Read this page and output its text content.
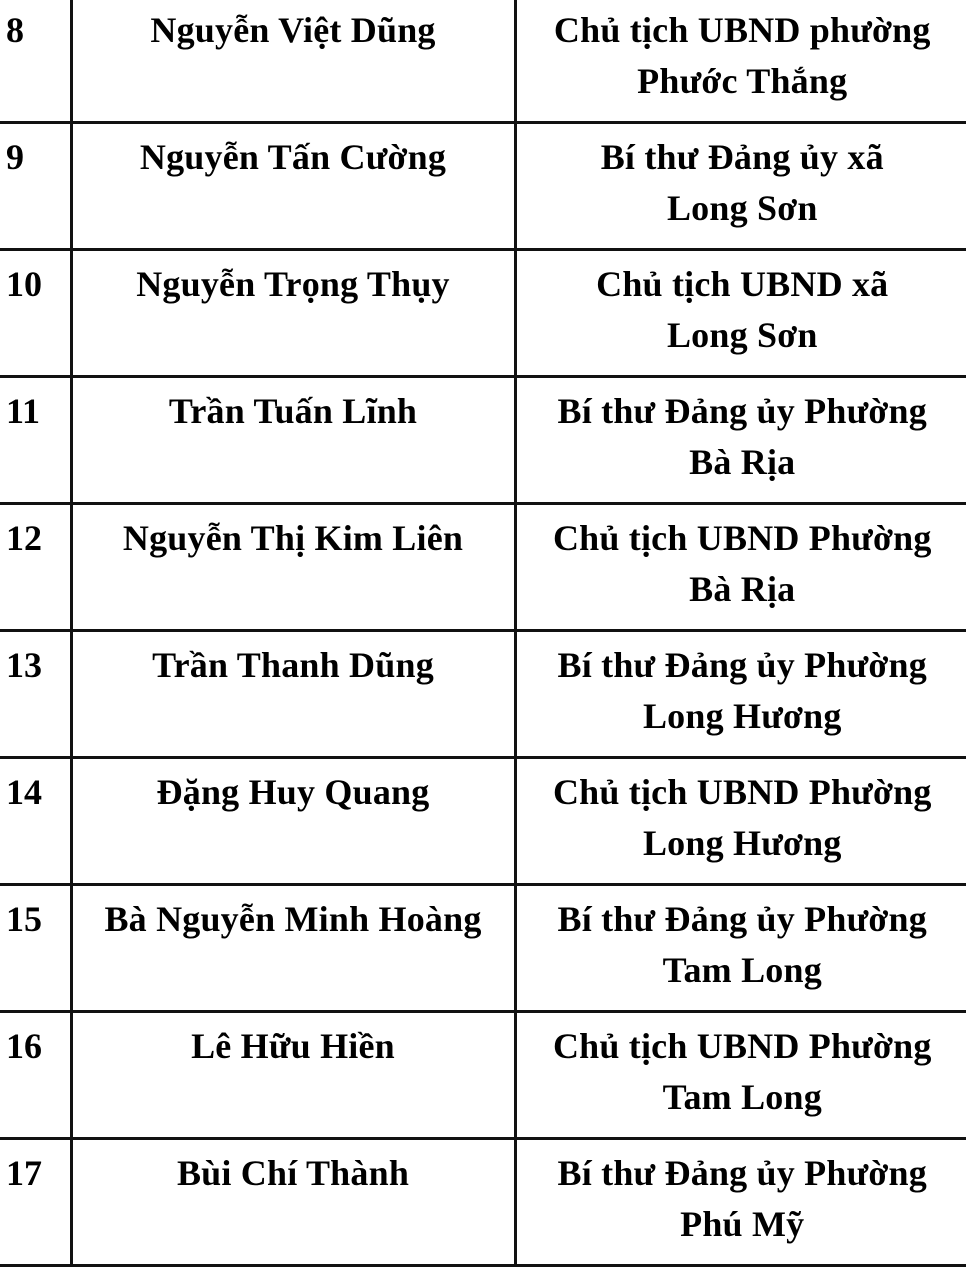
8	Nguyễn Việt Dũng	Chủ tịch UBND phường
Phước Thắng

9	Nguyễn Tấn Cường	Bí thư Đảng ủy xã
Long Sơn

10	Nguyễn Trọng Thụy	Chủ tịch UBND xã
Long Sơn

11	Trần Tuấn Lĩnh	Bí thư Đảng ủy Phường
Bà Rịa

12	Nguyễn Thị Kim Liên	Chủ tịch UBND Phường
Bà Rịa

13	Trần Thanh Dũng	Bí thư Đảng ủy Phường
Long Hương

14	Đặng Huy Quang	Chủ tịch UBND Phường
Long Hương

15	Bà Nguyễn Minh Hoàng	Bí thư Đảng ủy Phường
Tam Long

16	Lê Hữu Hiền	Chủ tịch UBND Phường
Tam Long

17	Bùi Chí Thành	Bí thư Đảng ủy Phường
Phú Mỹ
